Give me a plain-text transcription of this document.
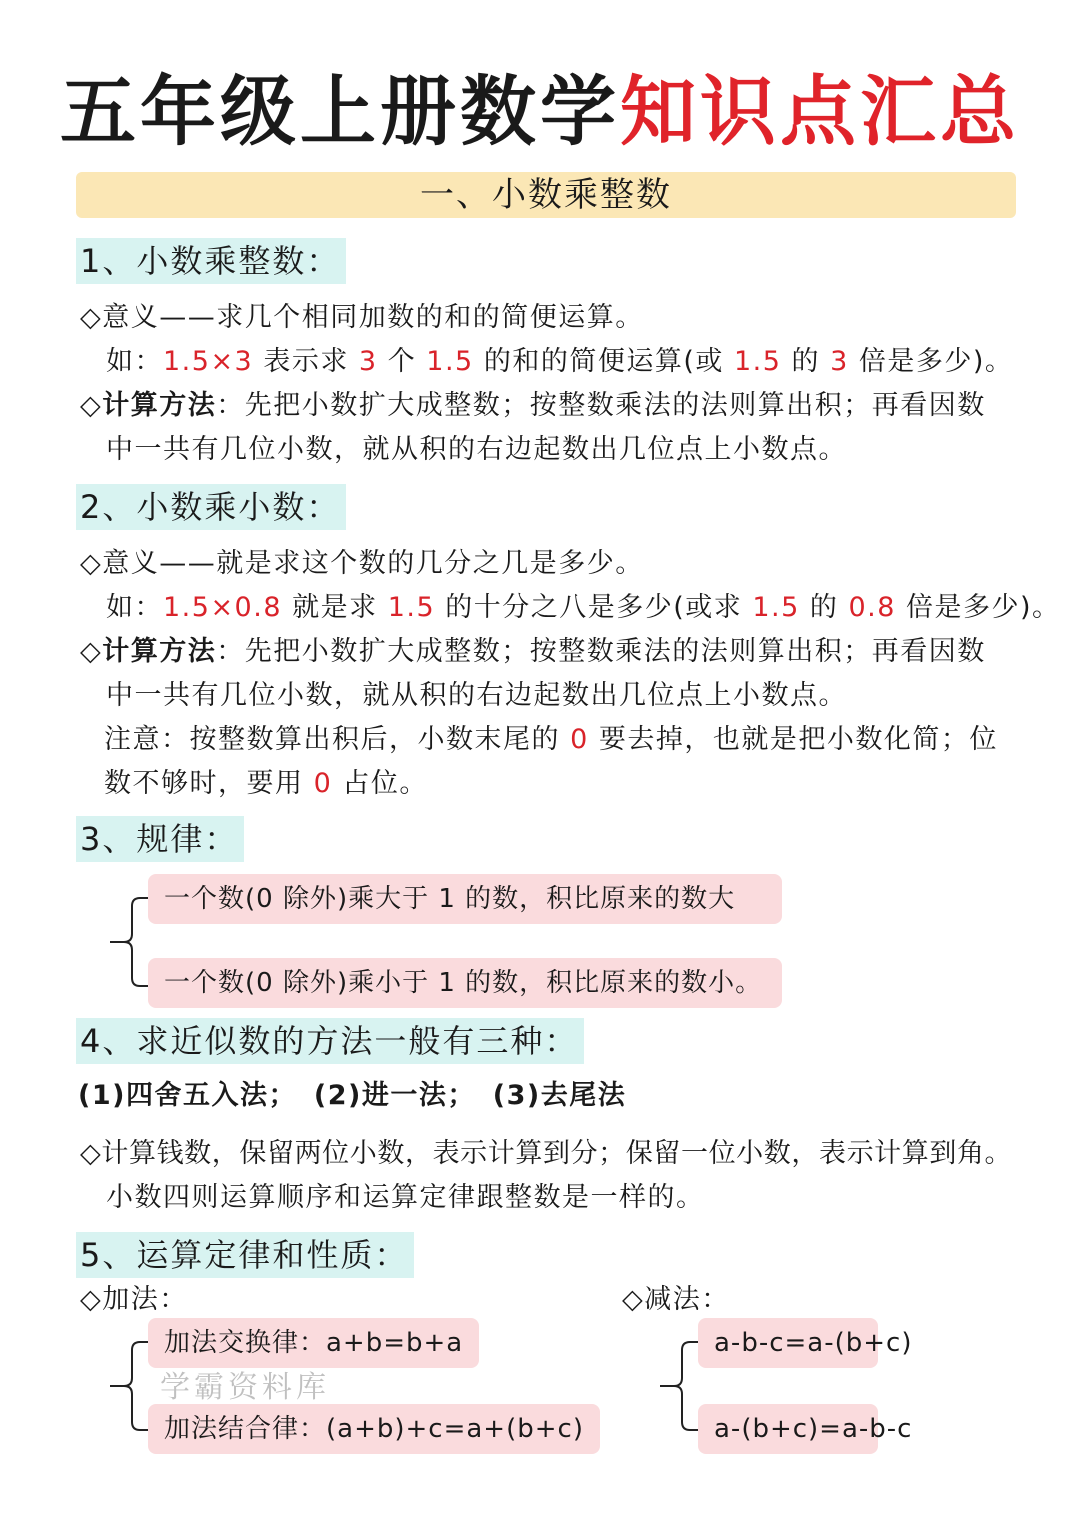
五年级上册数学知识点汇总
一、小数乘整数
1、小数乘整数：
◇意义——求几个相同加数的和的简便运算。
如：1.5×3 表示求 3 个 1.5 的和的简便运算(或 1.5 的 3 倍是多少)。
◇计算方法：先把小数扩大成整数；按整数乘法的法则算出积；再看因数
中一共有几位小数，就从积的右边起数出几位点上小数点。
2、小数乘小数：
◇意义——就是求这个数的几分之几是多少。
如：1.5×0.8 就是求 1.5 的十分之八是多少(或求 1.5 的 0.8 倍是多少)。
◇计算方法：先把小数扩大成整数；按整数乘法的法则算出积；再看因数
中一共有几位小数，就从积的右边起数出几位点上小数点。
注意：按整数算出积后，小数末尾的 0 要去掉，也就是把小数化简；位
数不够时，要用 0 占位。
3、规律：
一个数(0 除外)乘大于 1 的数，积比原来的数大
一个数(0 除外)乘小于 1 的数，积比原来的数小。
4、求近似数的方法一般有三种：
(1)四舍五入法； (2)进一法； (3)去尾法
◇计算钱数，保留两位小数，表示计算到分；保留一位小数，表示计算到角。
小数四则运算顺序和运算定律跟整数是一样的。
5、运算定律和性质：
◇加法：	◇减法：
加法交换律：a+b=b+a
加法结合律：(a+b)+c=a+(b+c)
a-b-c=a-(b+c)
a-(b+c)=a-b-c
学霸资料库
